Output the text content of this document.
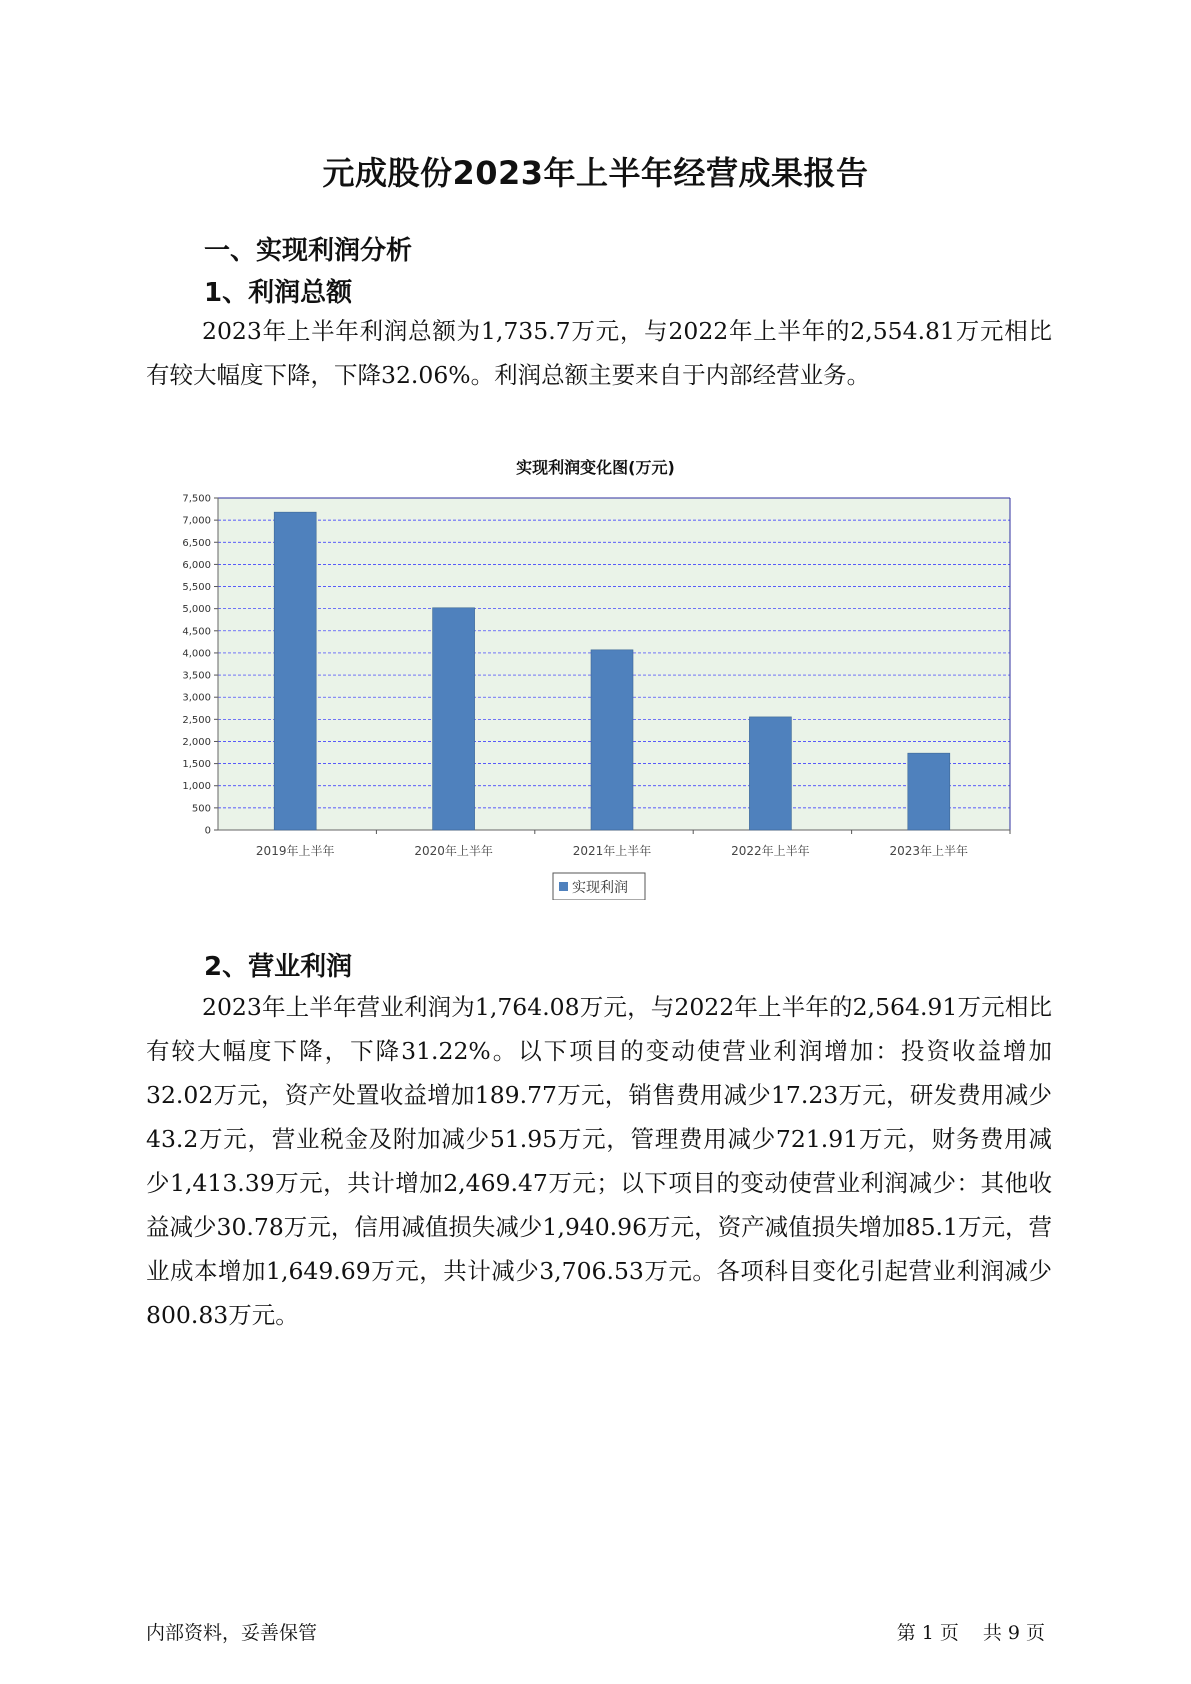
元成股份2023年上半年经营成果报告
一、实现利润分析
1、利润总额

2023年上半年利润总额为1,735.7万元，与2022年上半年的2,554.81万元相比有较大幅度下降，下降32.06%。利润总额主要来自于内部经营业务。

实现利润变化图(万元)
0
500
1,000
1,500
2,000
2,500
3,000
3,500
4,000
4,500
5,000
5,500
6,000
6,500
7,000
7,500
2019年上半年	2020年上半年	2021年上半年	2022年上半年	2023年上半年
实现利润
2、营业利润

2023年上半年营业利润为1,764.08万元，与2022年上半年的2,564.91万元相比有较大幅度下降，下降31.22%。以下项目的变动使营业利润增加：投资收益增加32.02万元，资产处置收益增加189.77万元，销售费用减少17.23万元，研发费用减少43.2万元，营业税金及附加减少51.95万元，管理费用减少721.91万元，财务费用减少1,413.39万元，共计增加2,469.47万元；以下项目的变动使营业利润减少：其他收益减少30.78万元，信用减值损失减少1,940.96万元，资产减值损失增加85.1万元，营业成本增加1,649.69万元，共计减少3,706.53万元。各项科目变化引起营业利润减少800.83万元。

内部资料，妥善保管	第 1 页 共 9 页
